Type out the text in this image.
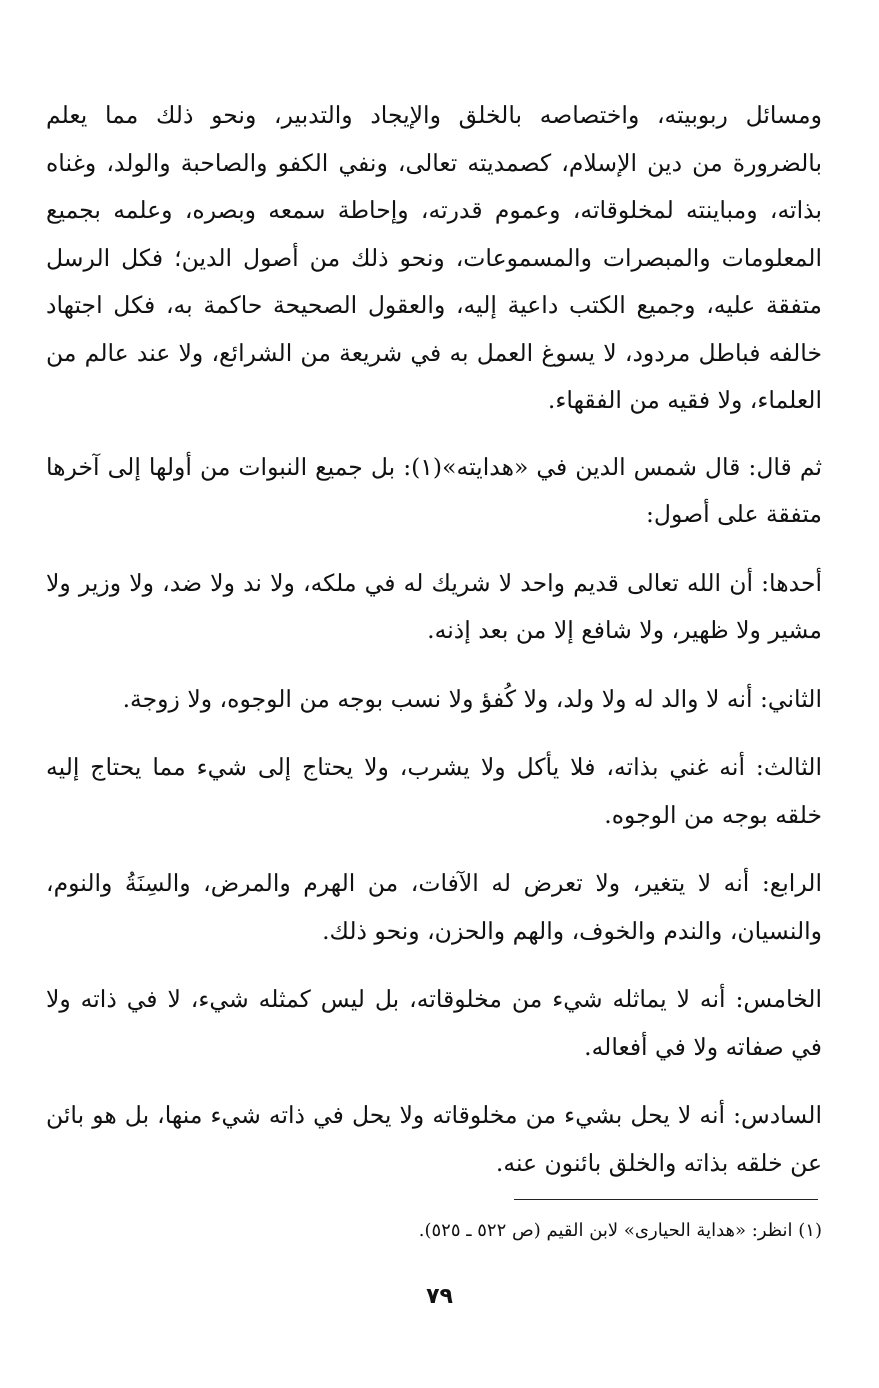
ومسائل ربوبيته، واختصاصه بالخلق والإيجاد والتدبير، ونحو ذلك مما يعلم بالضرورة من دين الإسلام، كصمديته تعالى، ونفي الكفو والصاحبة والولد، وغناه بذاته، ومباينته لمخلوقاته، وعموم قدرته، وإحاطة سمعه وبصره، وعلمه بجميع المعلومات والمبصرات والمسموعات، ونحو ذلك من أصول الدين؛ فكل الرسل متفقة عليه، وجميع الكتب داعية إليه، والعقول الصحيحة حاكمة به، فكل اجتهاد خالفه فباطل مردود، لا يسوغ العمل به في شريعة من الشرائع، ولا عند عالم من العلماء، ولا فقيه من الفقهاء.

ثم قال: قال شمس الدين في «هدايته»(١): بل جميع النبوات من أولها إلى آخرها متفقة على أصول:

أحدها: أن الله تعالى قديم واحد لا شريك له في ملكه، ولا ند ولا ضد، ولا وزير ولا مشير ولا ظهير، ولا شافع إلا من بعد إذنه.

الثاني: أنه لا والد له ولا ولد، ولا كُفؤ ولا نسب بوجه من الوجوه، ولا زوجة.

الثالث: أنه غني بذاته، فلا يأكل ولا يشرب، ولا يحتاج إلى شيء مما يحتاج إليه خلقه بوجه من الوجوه.

الرابع: أنه لا يتغير، ولا تعرض له الآفات، من الهرم والمرض، والسِنَةُ والنوم، والنسيان، والندم والخوف، والهم والحزن، ونحو ذلك.

الخامس: أنه لا يماثله شيء من مخلوقاته، بل ليس كمثله شيء، لا في ذاته ولا في صفاته ولا في أفعاله.

السادس: أنه لا يحل بشيء من مخلوقاته ولا يحل في ذاته شيء منها، بل هو بائن عن خلقه بذاته والخلق بائنون عنه.

(١) انظر: «هداية الحيارى» لابن القيم (ص ٥٢٢ ـ ٥٢٥).
٧٩
